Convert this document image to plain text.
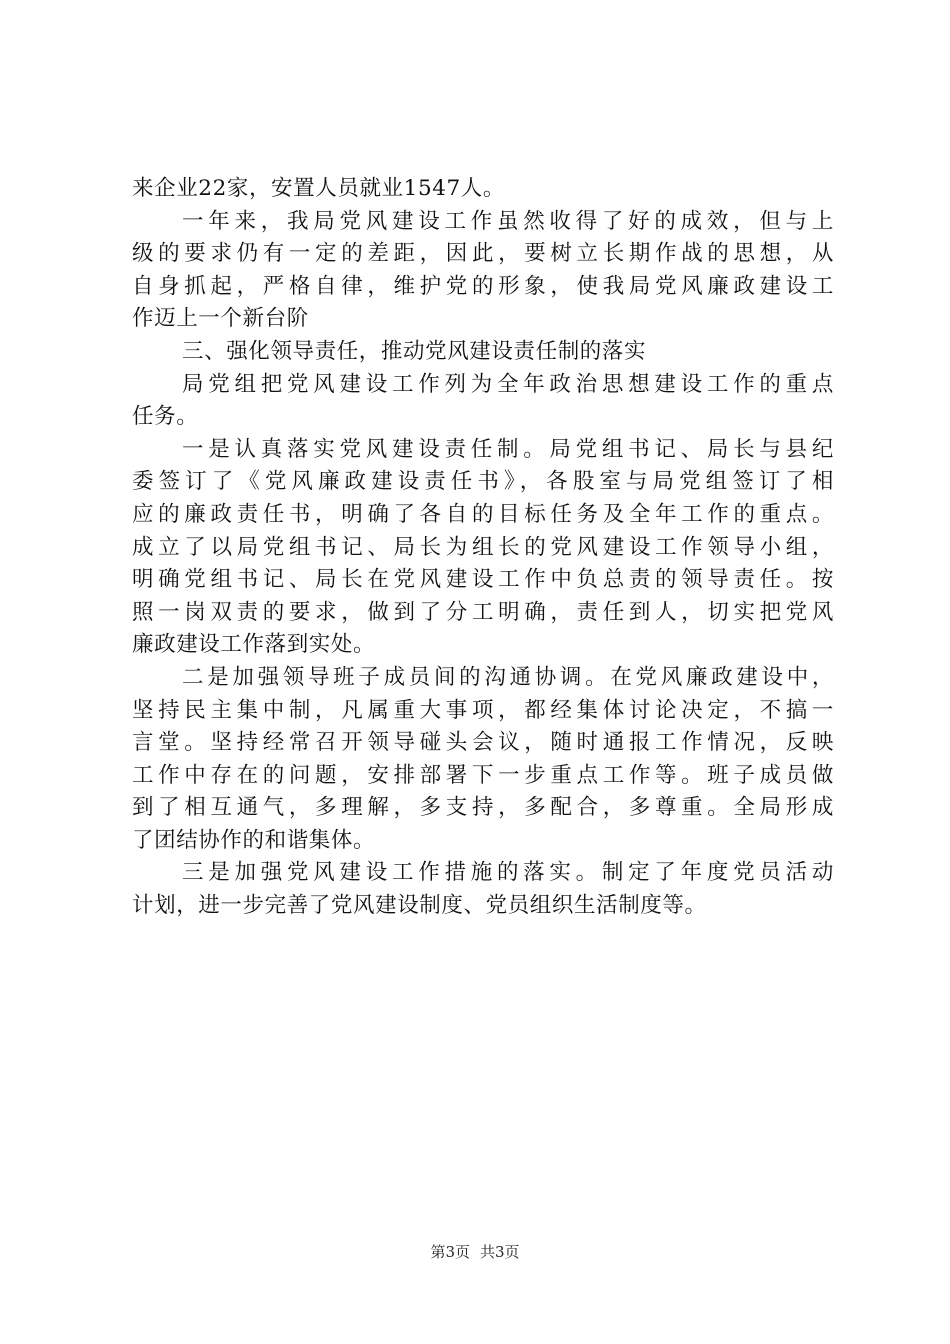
来企业22家，安置人员就业1547人。
一年来，我局党风建设工作虽然收得了好的成效，但与上
级的要求仍有一定的差距，因此，要树立长期作战的思想，从
自身抓起，严格自律，维护党的形象，使我局党风廉政建设工
作迈上一个新台阶
三、强化领导责任，推动党风建设责任制的落实
局党组把党风建设工作列为全年政治思想建设工作的重点
任务。
一是认真落实党风建设责任制。局党组书记、局长与县纪
委签订了《党风廉政建设责任书》，各股室与局党组签订了相
应的廉政责任书，明确了各自的目标任务及全年工作的重点。
成立了以局党组书记、局长为组长的党风建设工作领导小组，
明确党组书记、局长在党风建设工作中负总责的领导责任。按
照一岗双责的要求，做到了分工明确，责任到人，切实把党风
廉政建设工作落到实处。
二是加强领导班子成员间的沟通协调。在党风廉政建设中，
坚持民主集中制，凡属重大事项，都经集体讨论决定，不搞一
言堂。坚持经常召开领导碰头会议，随时通报工作情况，反映
工作中存在的问题，安排部署下一步重点工作等。班子成员做
到了相互通气，多理解，多支持，多配合，多尊重。全局形成
了团结协作的和谐集体。
三是加强党风建设工作措施的落实。制定了年度党员活动
计划，进一步完善了党风建设制度、党员组织生活制度等。
第3页 共3页
